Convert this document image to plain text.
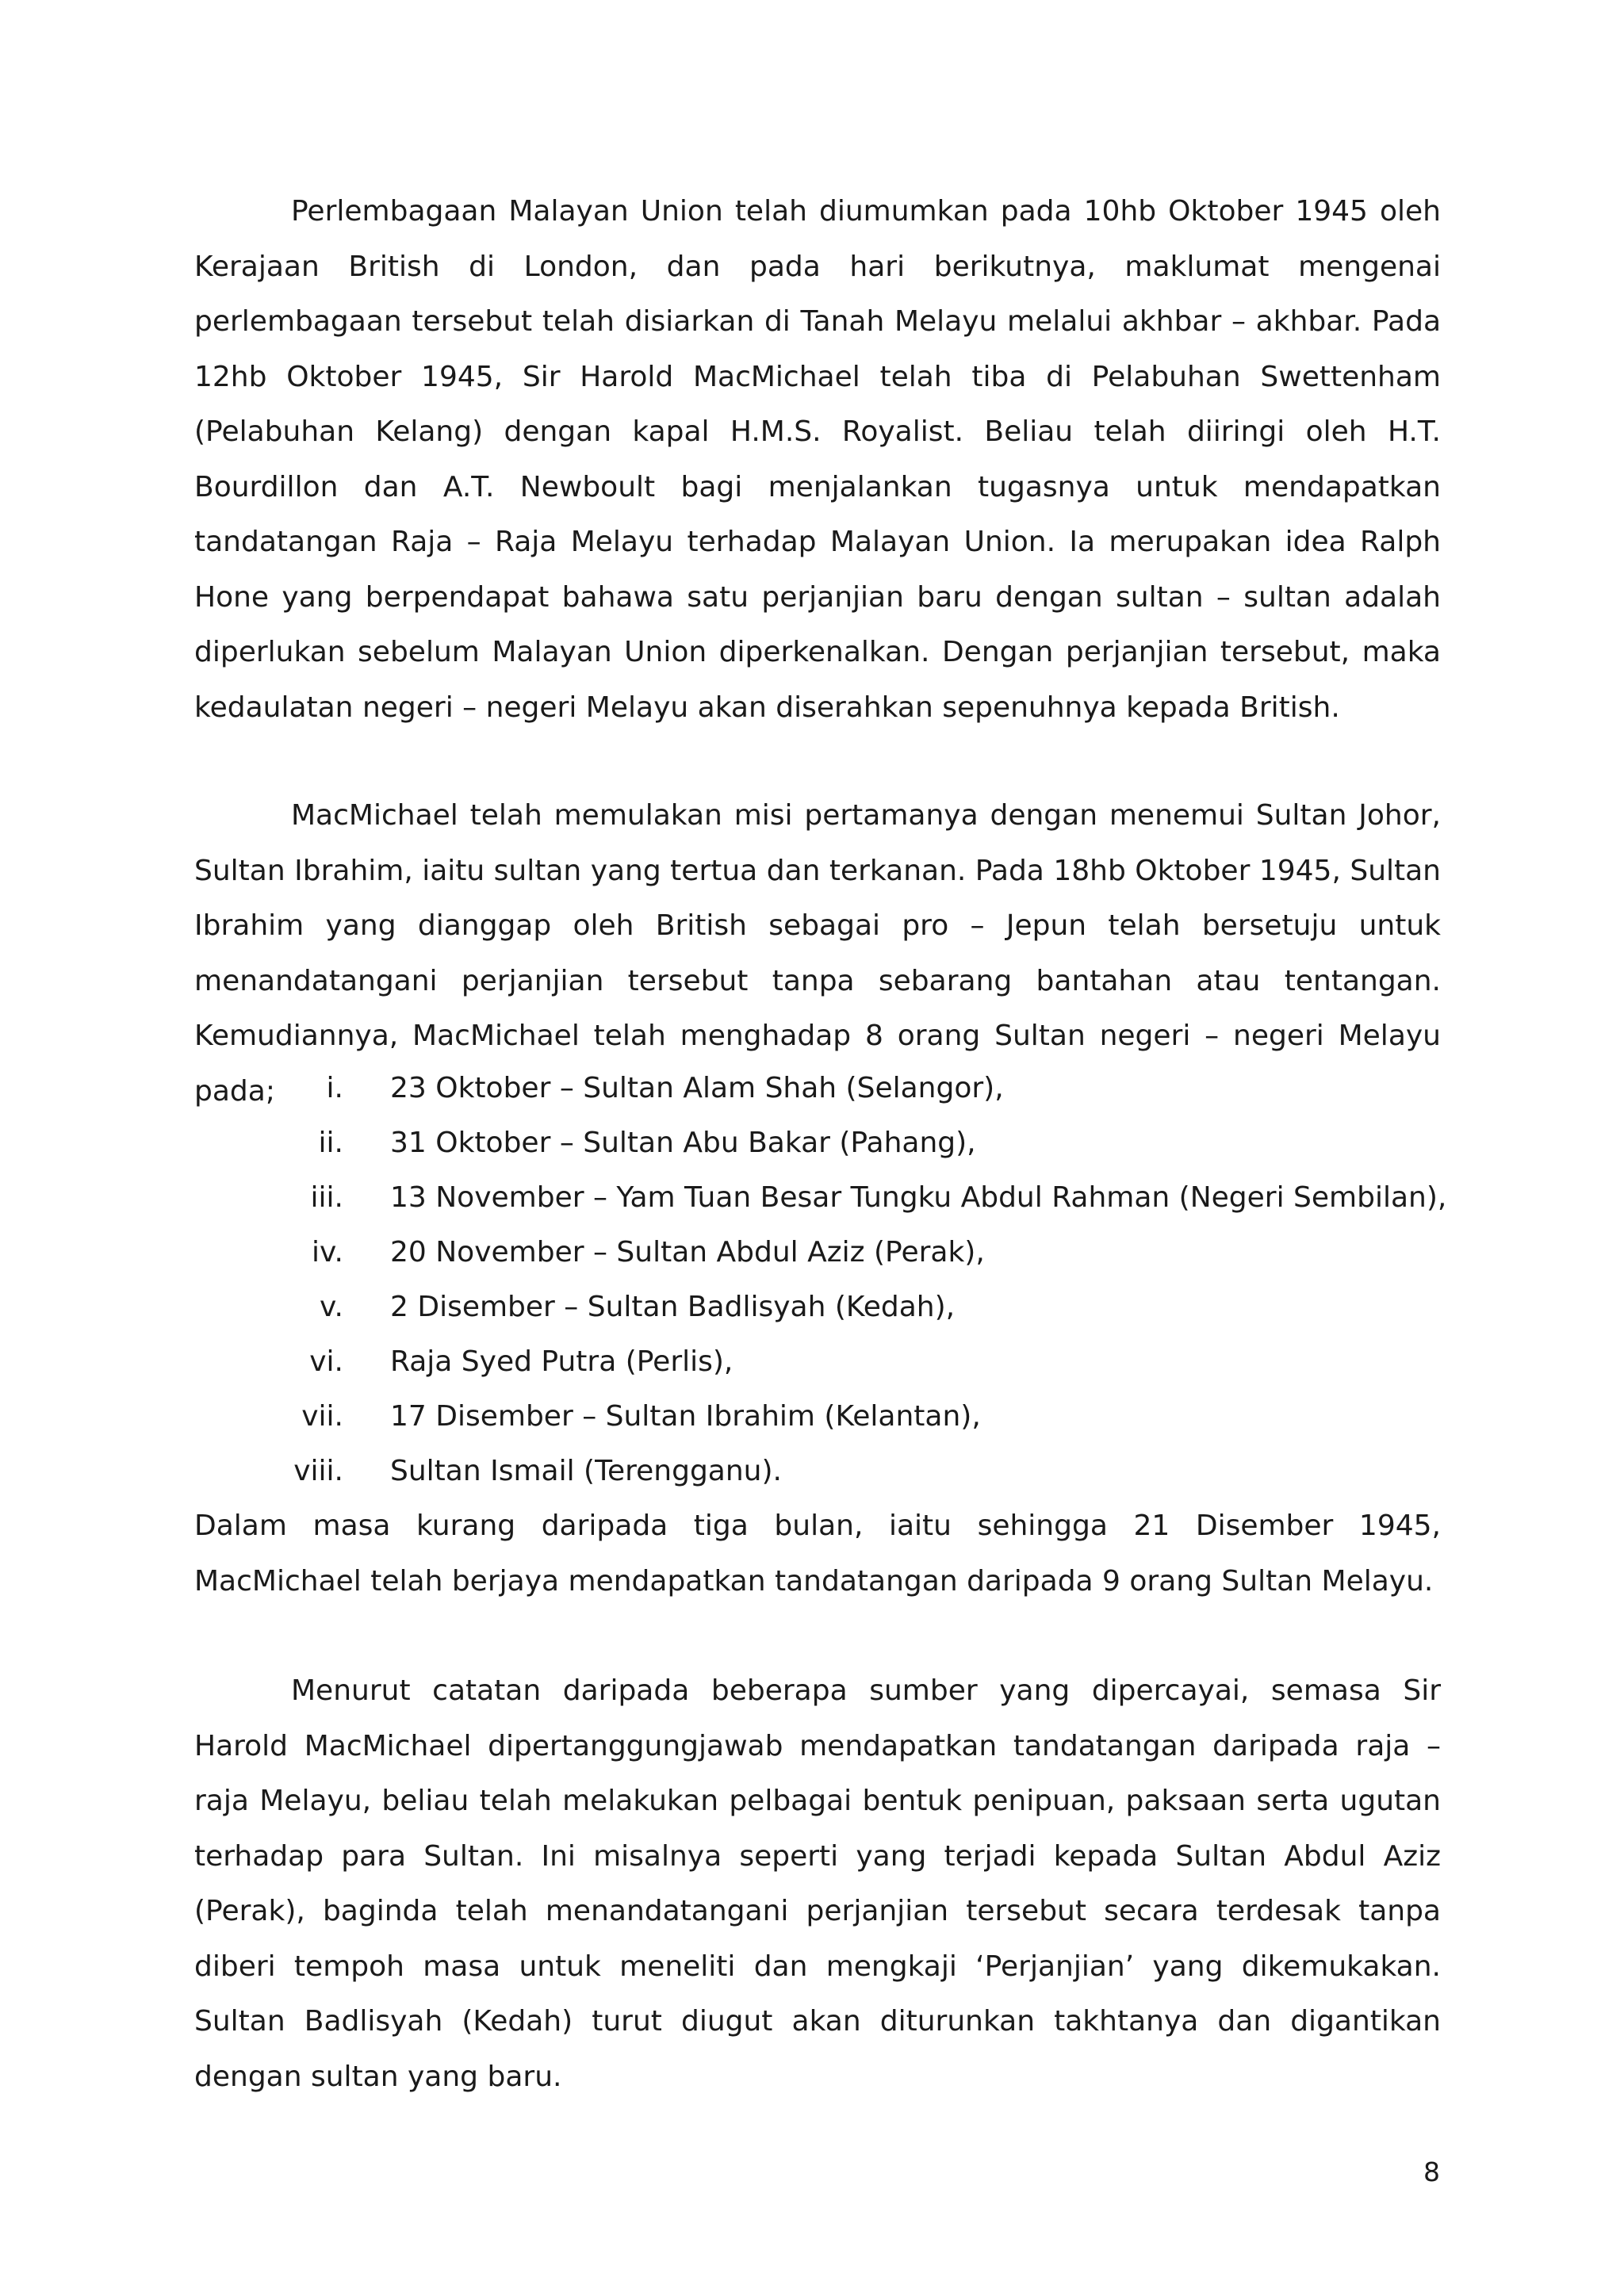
Perlembagaan Malayan Union telah diumumkan pada 10hb Oktober 1945 oleh Kerajaan British di London, dan pada hari berikutnya, maklumat mengenai perlembagaan tersebut telah disiarkan di Tanah Melayu melalui akhbar – akhbar. Pada 12hb Oktober 1945, Sir Harold MacMichael telah tiba di Pelabuhan Swettenham (Pelabuhan Kelang) dengan kapal H.M.S. Royalist. Beliau telah diiringi oleh H.T. Bourdillon dan A.T. Newboult bagi menjalankan tugasnya untuk mendapatkan tandatangan Raja – Raja Melayu terhadap Malayan Union. Ia merupakan idea Ralph Hone yang berpendapat bahawa satu perjanjian baru dengan sultan – sultan adalah diperlukan sebelum Malayan Union diperkenalkan. Dengan perjanjian tersebut, maka kedaulatan negeri – negeri Melayu akan diserahkan sepenuhnya kepada British.

MacMichael telah memulakan misi pertamanya dengan menemui Sultan Johor, Sultan Ibrahim, iaitu sultan yang tertua dan terkanan. Pada 18hb Oktober 1945, Sultan Ibrahim yang dianggap oleh British sebagai pro – Jepun telah bersetuju untuk menandatangani perjanjian tersebut tanpa sebarang bantahan atau tentangan. Kemudiannya, MacMichael telah menghadap 8 orang Sultan negeri – negeri Melayu pada;	i. 23 Oktober – Sultan Alam Shah (Selangor),
ii. 31 Oktober – Sultan Abu Bakar (Pahang),
iii. 13 November – Yam Tuan Besar Tungku Abdul Rahman (Negeri Sembilan),
iv. 20 November – Sultan Abdul Aziz (Perak),
v. 2 Disember – Sultan Badlisyah (Kedah),
vi. Raja Syed Putra (Perlis),
vii. 17 Disember – Sultan Ibrahim (Kelantan),
viii. Sultan Ismail (Terengganu).

Dalam masa kurang daripada tiga bulan, iaitu sehingga 21 Disember 1945, MacMichael telah berjaya mendapatkan tandatangan daripada 9 orang Sultan Melayu.

Menurut catatan daripada beberapa sumber yang dipercayai, semasa Sir Harold MacMichael dipertanggungjawab mendapatkan tandatangan daripada raja – raja Melayu, beliau telah melakukan pelbagai bentuk penipuan, paksaan serta ugutan terhadap para Sultan. Ini misalnya seperti yang terjadi kepada Sultan Abdul Aziz (Perak), baginda telah menandatangani perjanjian tersebut secara terdesak tanpa diberi tempoh masa untuk meneliti dan mengkaji ‘Perjanjian’ yang dikemukakan. Sultan Badlisyah (Kedah) turut diugut akan diturunkan takhtanya dan digantikan dengan sultan yang baru.

8
